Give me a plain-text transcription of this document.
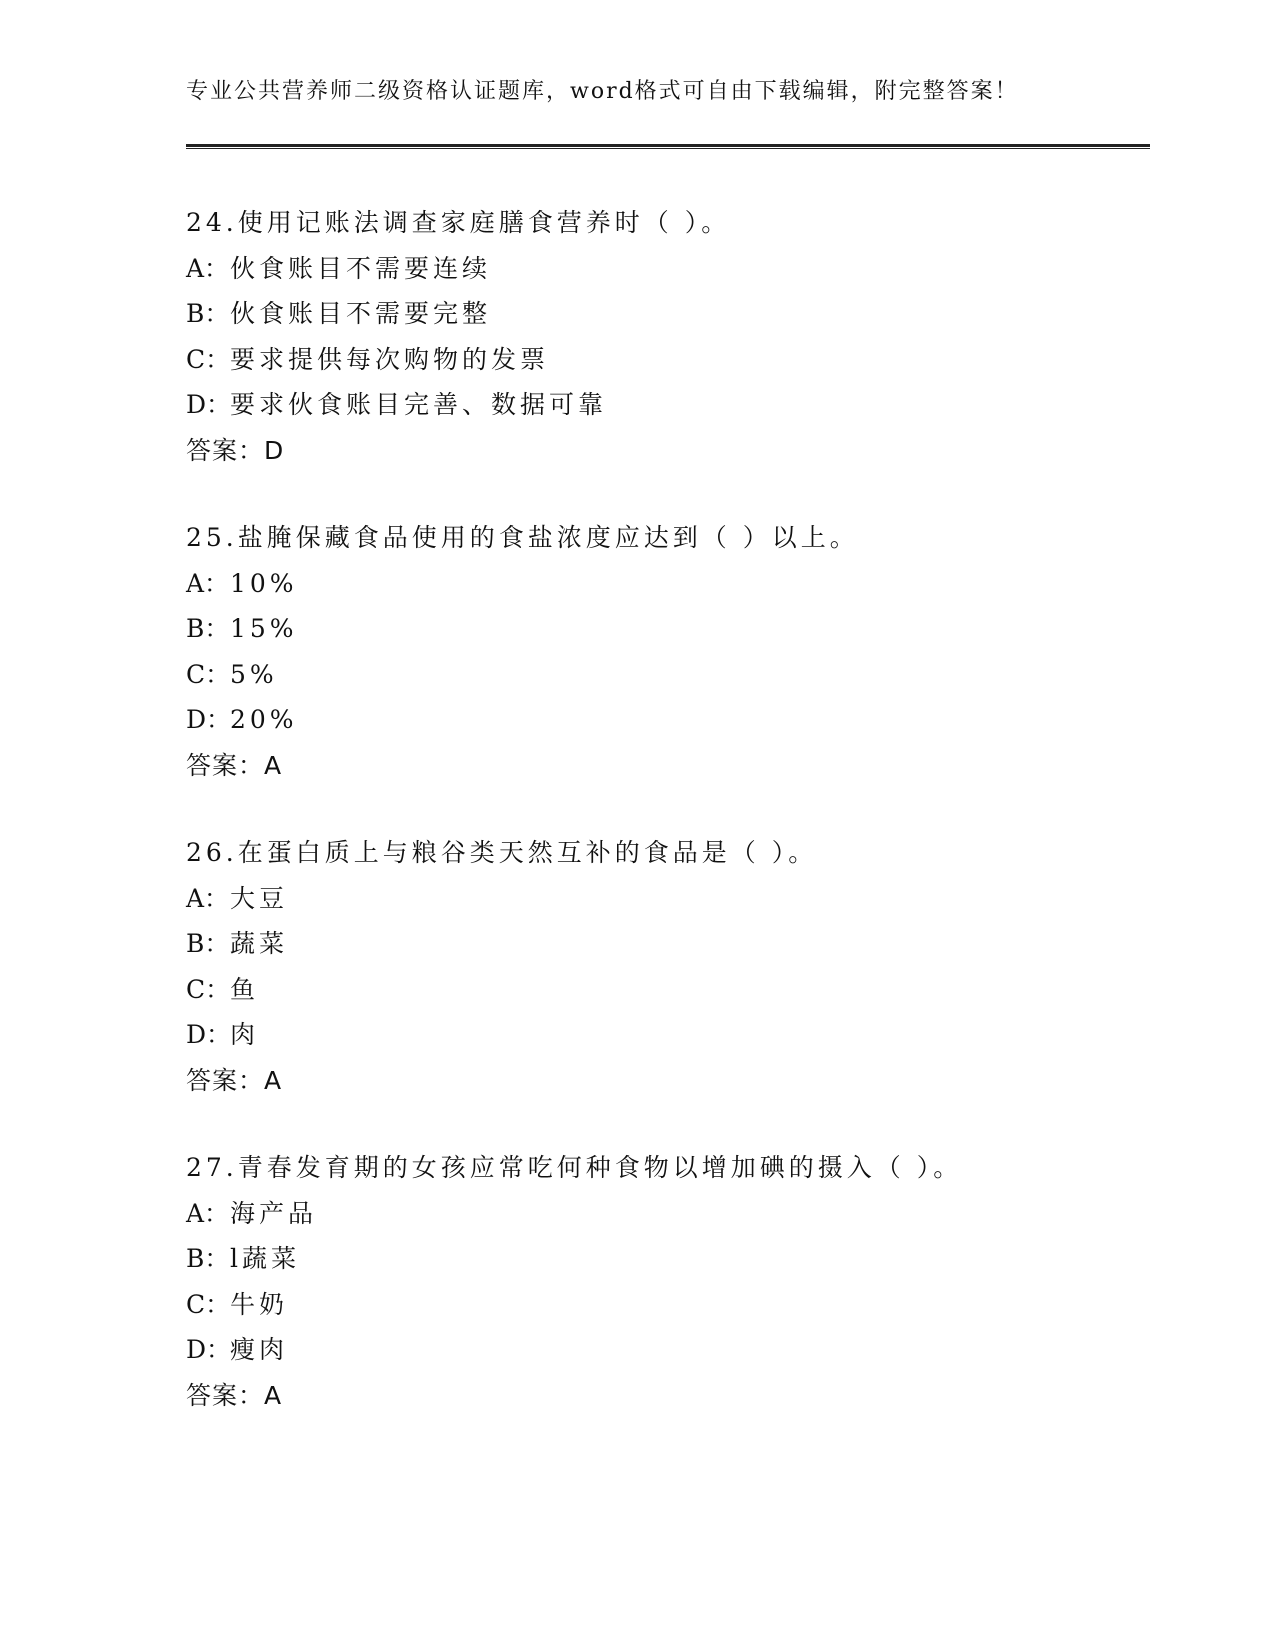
专业公共营养师二级资格认证题库，word格式可自由下载编辑，附完整答案！
24.使用记账法调查家庭膳食营养时（ ）。
A：伙食账目不需要连续
B：伙食账目不需要完整
C：要求提供每次购物的发票
D：要求伙食账目完善、数据可靠
答案：D
25.盐腌保藏食品使用的食盐浓度应达到（ ）以上。
A：10%
B：15%
C：5%
D：20%
答案：A
26.在蛋白质上与粮谷类天然互补的食品是（ ）。
A：大豆
B：蔬菜
C：鱼
D：肉
答案：A
27.青春发育期的女孩应常吃何种食物以增加碘的摄入（ ）。
A：海产品
B：l蔬菜
C：牛奶
D：瘦肉
答案：A
